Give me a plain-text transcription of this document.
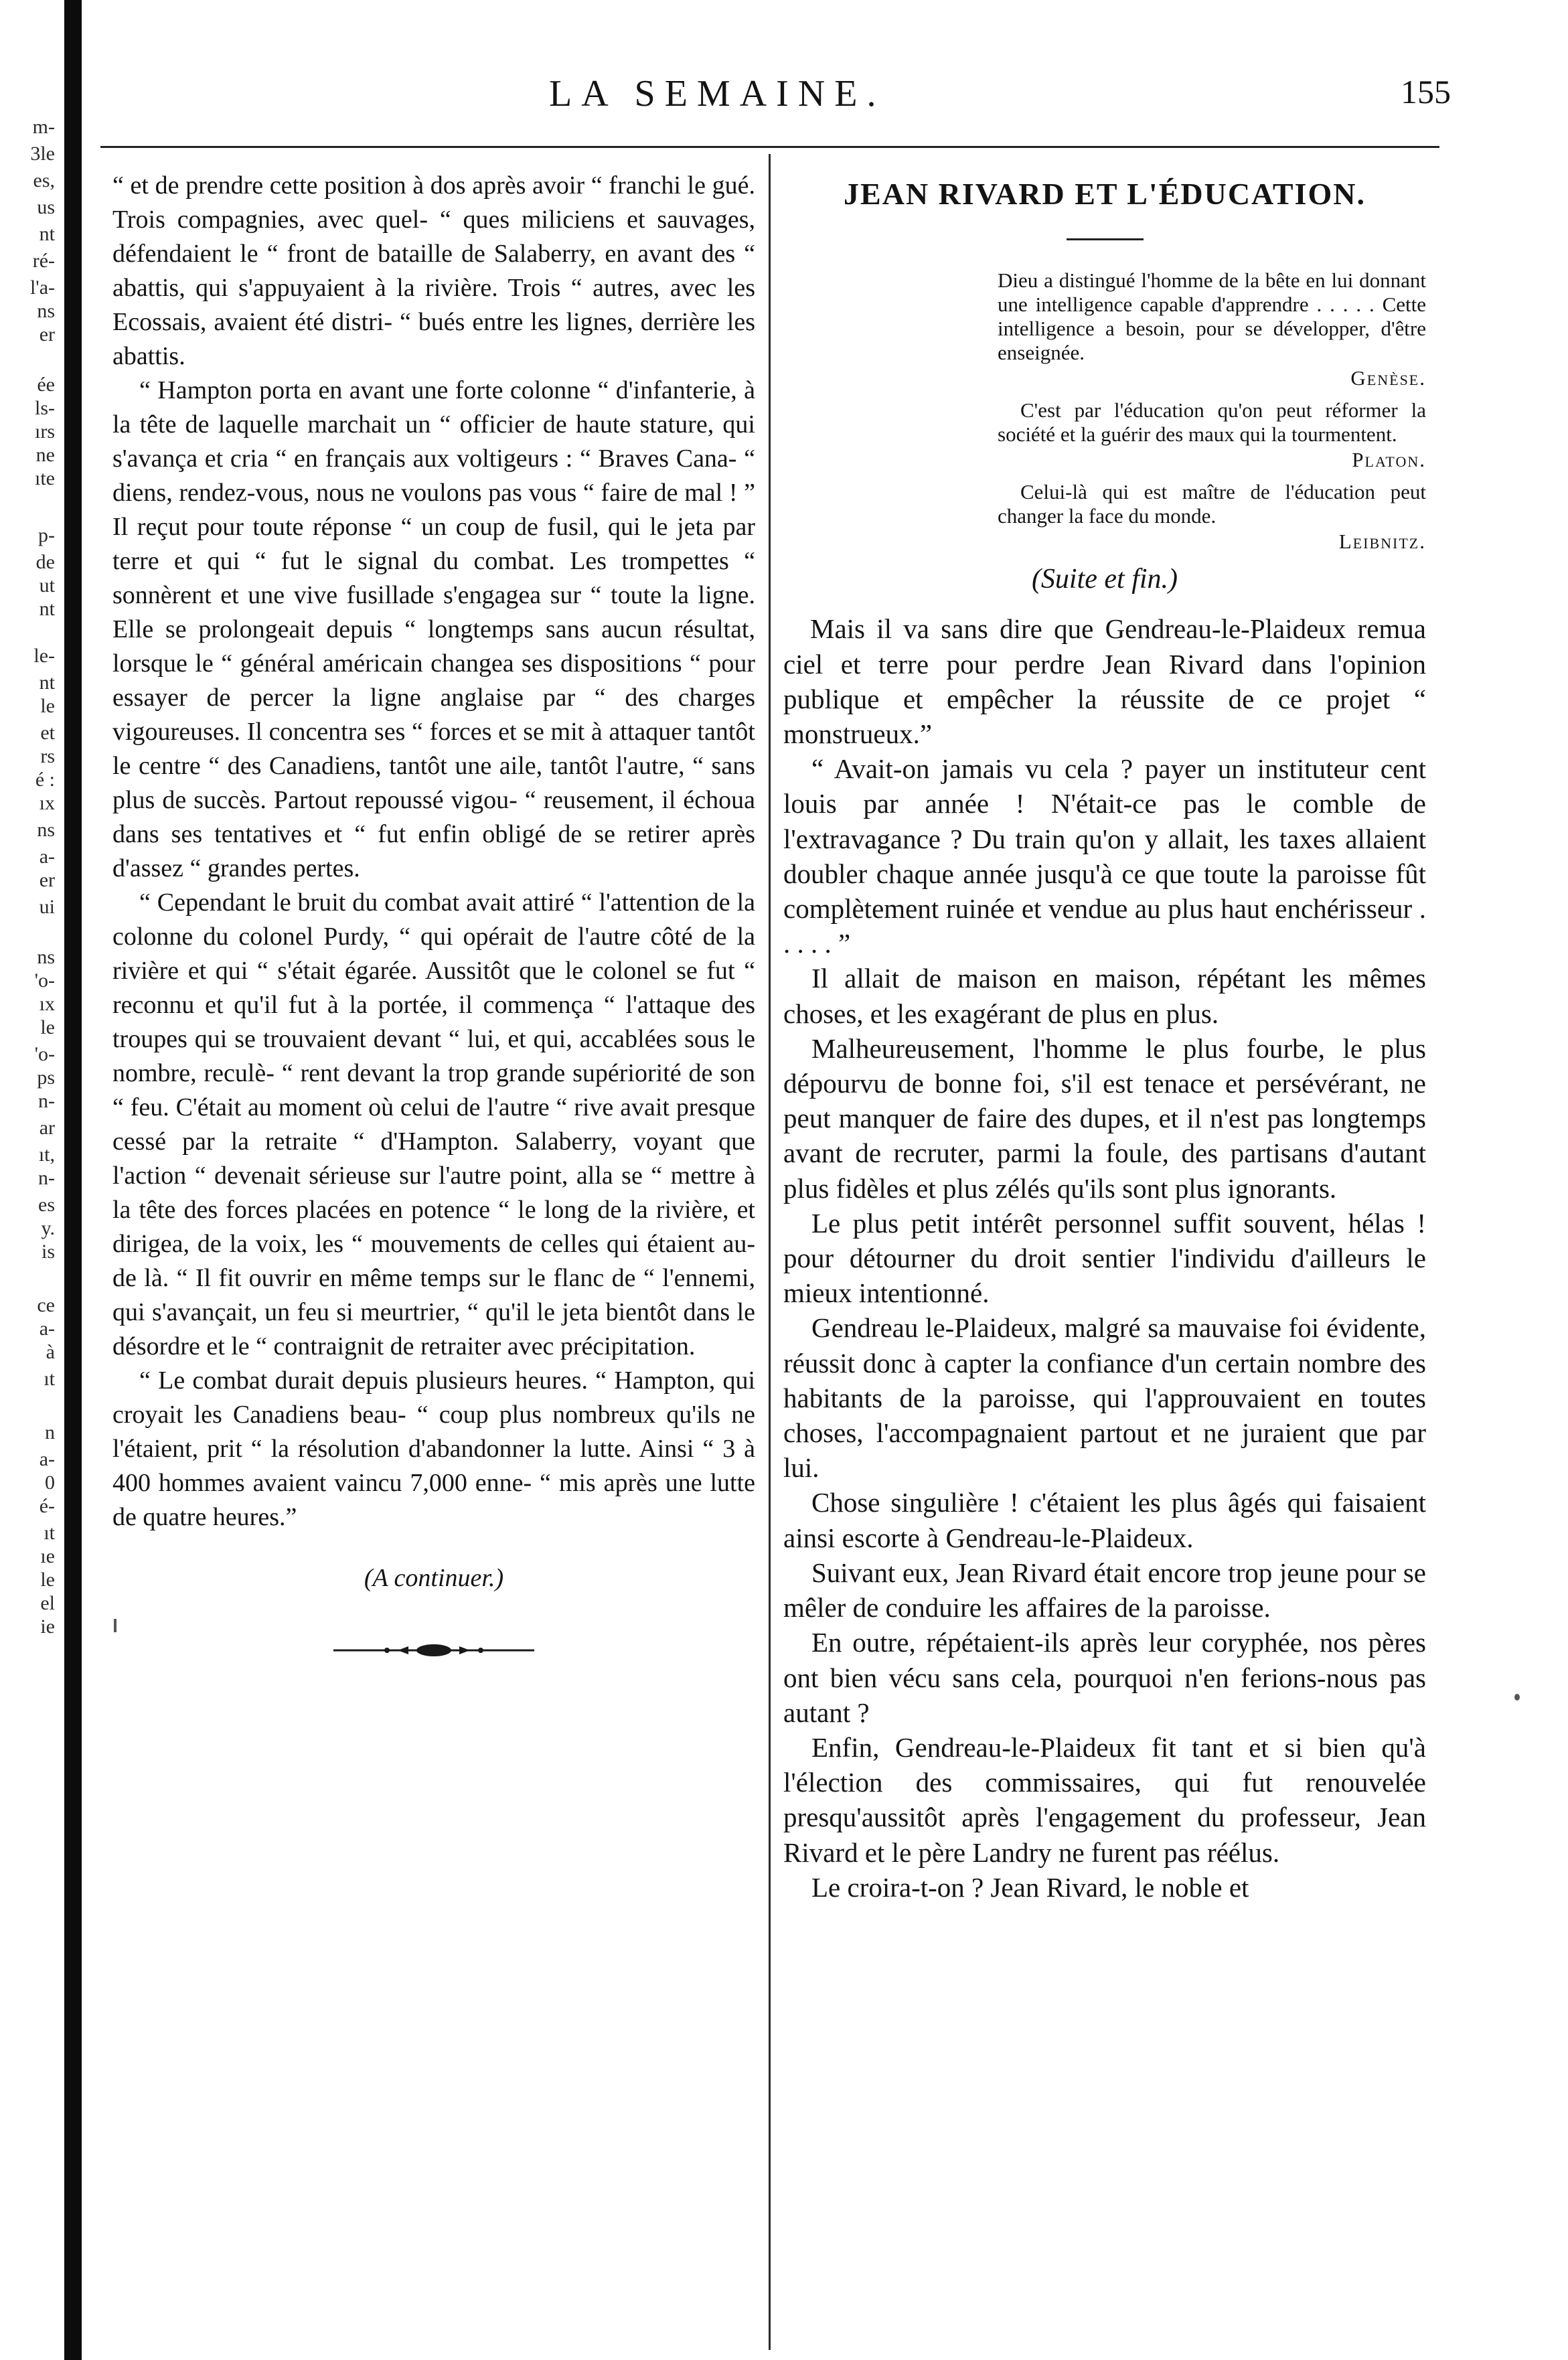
m-
3le
es,
us
nt
ré-
l'a-
ns
er
ée
ls-
ırs
ne
ıte
p-
de
ut
nt
le-
nt
le
et
rs
é :
ıx
ns
a-
er
ui
ns
'o-
ıx
le
'o-
ps
n-
ar
ıt,
n-
es
y.
is
ce
a-
à
ıt
n
a-
0
é-
ıt
ıe
le
el
ie
LA SEMAINE.	155

“ et de prendre cette position à dos après avoir “ franchi le gué. Trois compagnies, avec quel- “ ques miliciens et sauvages, défendaient le “ front de bataille de Salaberry, en avant des “ abattis, qui s'appuyaient à la rivière. Trois “ autres, avec les Ecossais, avaient été distri- “ bués entre les lignes, derrière les abattis.

“ Hampton porta en avant une forte colonne “ d'infanterie, à la tête de laquelle marchait un “ officier de haute stature, qui s'avança et cria “ en français aux voltigeurs : “ Braves Cana- “ diens, rendez-vous, nous ne voulons pas vous “ faire de mal ! ” Il reçut pour toute réponse “ un coup de fusil, qui le jeta par terre et qui “ fut le signal du combat. Les trompettes “ sonnèrent et une vive fusillade s'engagea sur “ toute la ligne. Elle se prolongeait depuis “ longtemps sans aucun résultat, lorsque le “ général américain changea ses dispositions “ pour essayer de percer la ligne anglaise par “ des charges vigoureuses. Il concentra ses “ forces et se mit à attaquer tantôt le centre “ des Canadiens, tantôt une aile, tantôt l'autre, “ sans plus de succès. Partout repoussé vigou- “ reusement, il échoua dans ses tentatives et “ fut enfin obligé de se retirer après d'assez “ grandes pertes.

“ Cependant le bruit du combat avait attiré “ l'attention de la colonne du colonel Purdy, “ qui opérait de l'autre côté de la rivière et qui “ s'était égarée. Aussitôt que le colonel se fut “ reconnu et qu'il fut à la portée, il commença “ l'attaque des troupes qui se trouvaient devant “ lui, et qui, accablées sous le nombre, reculè- “ rent devant la trop grande supériorité de son “ feu. C'était au moment où celui de l'autre “ rive avait presque cessé par la retraite “ d'Hampton. Salaberry, voyant que l'action “ devenait sérieuse sur l'autre point, alla se “ mettre à la tête des forces placées en potence “ le long de la rivière, et dirigea, de la voix, les “ mouvements de celles qui étaient au-de là. “ Il fit ouvrir en même temps sur le flanc de “ l'ennemi, qui s'avançait, un feu si meurtrier, “ qu'il le jeta bientôt dans le désordre et le “ contraignit de retraiter avec précipitation.

“ Le combat durait depuis plusieurs heures. “ Hampton, qui croyait les Canadiens beau- “ coup plus nombreux qu'ils ne l'étaient, prit “ la résolution d'abandonner la lutte. Ainsi “ 3 à 400 hommes avaient vaincu 7,000 enne- “ mis après une lutte de quatre heures.”

(A continuer.)

JEAN RIVARD ET L'ÉDUCATION.

Dieu a distingué l'homme de la bête en lui donnant une intelligence capable d'apprendre . . . . . Cette intelligence a besoin, pour se développer, d'être enseignée.

Genèse.

C'est par l'éducation qu'on peut réformer la société et la guérir des maux qui la tourmentent.

Platon.

Celui-là qui est maître de l'éducation peut changer la face du monde.

Leibnitz.

(Suite et fin.)

Mais il va sans dire que Gendreau-le-Plaideux remua ciel et terre pour perdre Jean Rivard dans l'opinion publique et empêcher la réussite de ce projet “ monstrueux.”

“ Avait-on jamais vu cela ? payer un instituteur cent louis par année ! N'était-ce pas le comble de l'extravagance ? Du train qu'on y allait, les taxes allaient doubler chaque année jusqu'à ce que toute la paroisse fût complètement ruinée et vendue au plus haut enchérisseur . . . . . ”

Il allait de maison en maison, répétant les mêmes choses, et les exagérant de plus en plus.

Malheureusement, l'homme le plus fourbe, le plus dépourvu de bonne foi, s'il est tenace et persévérant, ne peut manquer de faire des dupes, et il n'est pas longtemps avant de recruter, parmi la foule, des partisans d'autant plus fidèles et plus zélés qu'ils sont plus ignorants.

Le plus petit intérêt personnel suffit souvent, hélas ! pour détourner du droit sentier l'individu d'ailleurs le mieux intentionné.

Gendreau le-Plaideux, malgré sa mauvaise foi évidente, réussit donc à capter la confiance d'un certain nombre des habitants de la paroisse, qui l'approuvaient en toutes choses, l'accompagnaient partout et ne juraient que par lui.

Chose singulière ! c'étaient les plus âgés qui faisaient ainsi escorte à Gendreau-le-Plaideux.

Suivant eux, Jean Rivard était encore trop jeune pour se mêler de conduire les affaires de la paroisse.

En outre, répétaient-ils après leur coryphée, nos pères ont bien vécu sans cela, pourquoi n'en ferions-nous pas autant ?

Enfin, Gendreau-le-Plaideux fit tant et si bien qu'à l'élection des commissaires, qui fut renouvelée presqu'aussitôt après l'engagement du professeur, Jean Rivard et le père Landry ne furent pas réélus.

Le croira-t-on ? Jean Rivard, le noble et
